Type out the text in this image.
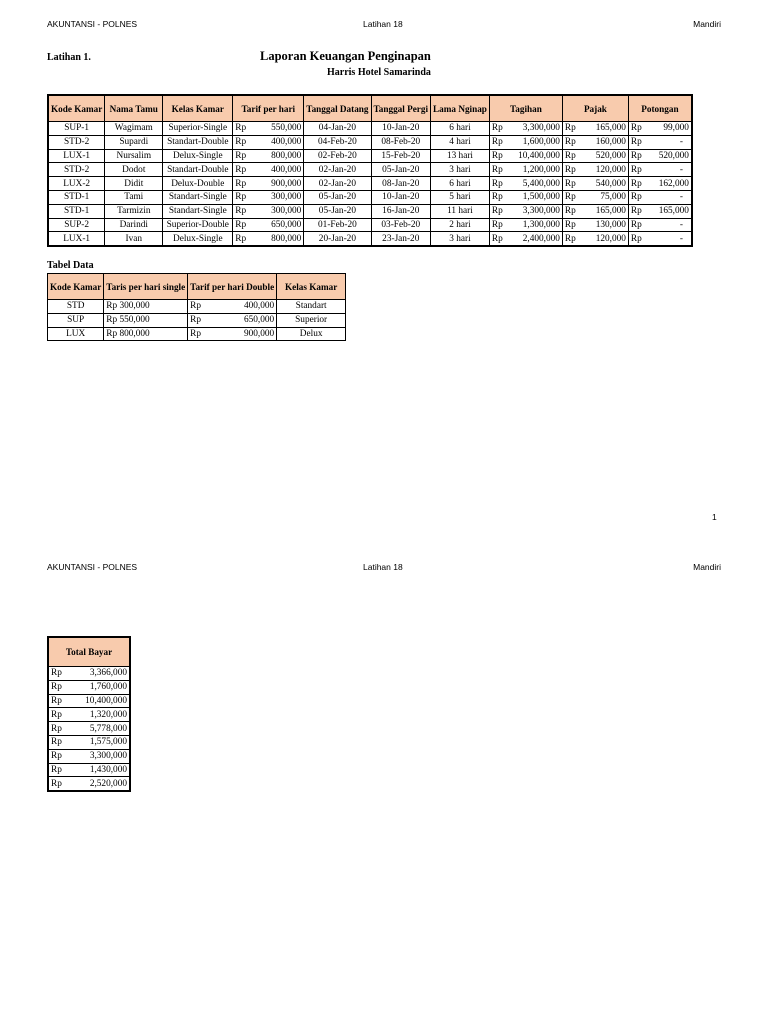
AKUNTANSI - POLNES	Latihan 18	Mandiri
Latihan 1.	Laporan Keuangan Penginapan
Harris Hotel Samarinda
Kode Kamar	Nama Tamu	Kelas Kamar	Tarif per hari		Tanggal Datang	Tanggal Pergi	Lama Nginap	Tagihan		Pajak		Potongan	
SUP-1	Wagimam	Superior-Single	Rp	550,000	04-Jan-20	10-Jan-20	6 hari	Rp	3,300,000	Rp	165,000	Rp	99,000
STD-2	Supardi	Standart-Double	Rp	400,000	04-Feb-20	08-Feb-20	4 hari	Rp	1,600,000	Rp	160,000	Rp	-
LUX-1	Nursalim	Delux-Single	Rp	800,000	02-Feb-20	15-Feb-20	13 hari	Rp	10,400,000	Rp	520,000	Rp	520,000
STD-2	Dodot	Standart-Double	Rp	400,000	02-Jan-20	05-Jan-20	3 hari	Rp	1,200,000	Rp	120,000	Rp	-
LUX-2	Didit	Delux-Double	Rp	900,000	02-Jan-20	08-Jan-20	6 hari	Rp	5,400,000	Rp	540,000	Rp	162,000
STD-1	Tami	Standart-Single	Rp	300,000	05-Jan-20	10-Jan-20	5 hari	Rp	1,500,000	Rp	75,000	Rp	-
STD-1	Tarmizin	Standart-Single	Rp	300,000	05-Jan-20	16-Jan-20	11 hari	Rp	3,300,000	Rp	165,000	Rp	165,000
SUP-2	Darindi	Superior-Double	Rp	650,000	01-Feb-20	03-Feb-20	2 hari	Rp	1,300,000	Rp	130,000	Rp	-
LUX-1	Ivan	Delux-Single	Rp	800,000	20-Jan-20	23-Jan-20	3 hari	Rp	2,400,000	Rp	120,000	Rp	-
Tabel Data
Kode Kamar	Taris per hari single	Tarif per hari Double		Kelas Kamar
STD	Rp 300,000	Rp	400,000	Standart
SUP	Rp 550,000	Rp	650,000	Superior
LUX	Rp 800,000	Rp	900,000	Delux
1
AKUNTANSI - POLNES	Latihan 18	Mandiri
Total Bayar	
Rp	3,366,000
Rp	1,760,000
Rp	10,400,000
Rp	1,320,000
Rp	5,778,000
Rp	1,575,000
Rp	3,300,000
Rp	1,430,000
Rp	2,520,000
